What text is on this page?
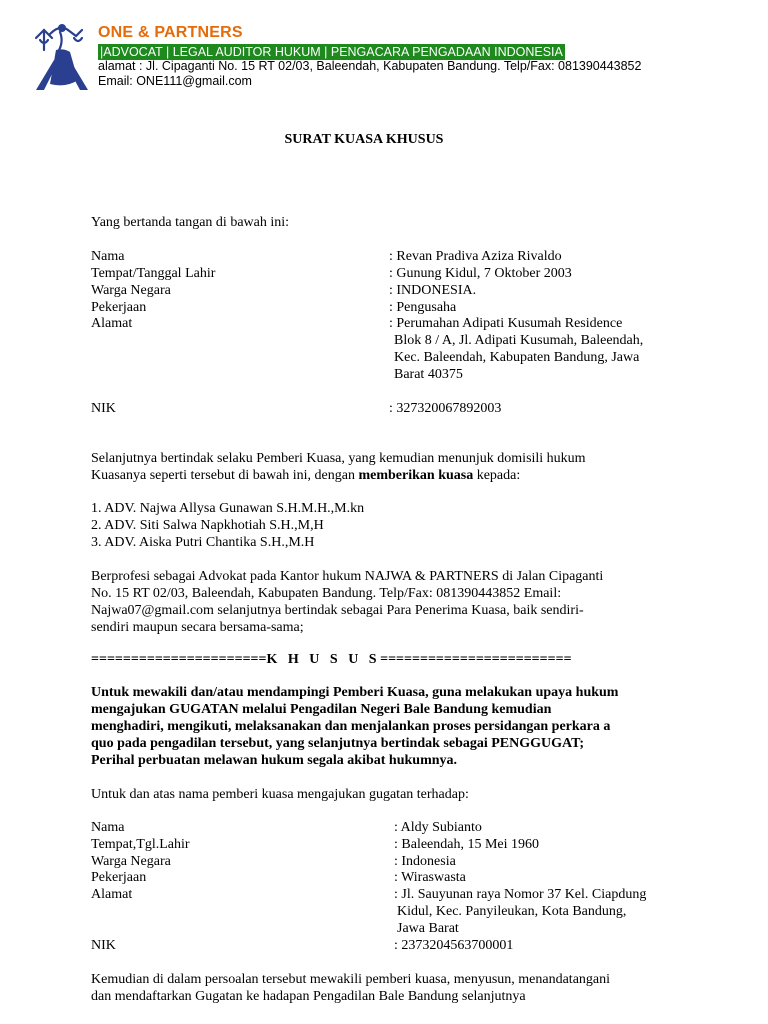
ONE & PARTNERS
|ADVOCAT | LEGAL AUDITOR HUKUM | PENGACARA PENGADAAN INDONESIA
alamat : Jl. Cipaganti No. 15 RT 02/03, Baleendah, Kabupaten Bandung. Telp/Fax: 081390443852
Email: ONE111@gmail.com
SURAT KUASA KHUSUS
Yang bertanda tangan di bawah ini:
Nama
Tempat/Tanggal Lahir
Warga Negara
Pekerjaan
Alamat
: Revan Pradiva Aziza Rivaldo
: Gunung Kidul, 7 Oktober 2003
: INDONESIA.
: Pengusaha
: Perumahan Adipati Kusumah Residence
Blok 8 / A, Jl. Adipati Kusumah, Baleendah,
Kec. Baleendah, Kabupaten Bandung, Jawa
Barat 40375
NIK	: 327320067892003
Selanjutnya bertindak selaku Pemberi Kuasa, yang kemudian menunjuk domisili hukum
Kuasanya seperti tersebut di bawah ini, dengan memberikan kuasa kepada:
1. ADV. Najwa Allysa Gunawan S.H.M.H.,M.kn
2. ADV. Siti Salwa Napkhotiah S.H.,M,H
3. ADV. Aiska Putri Chantika S.H.,M.H
Berprofesi sebagai Advokat pada Kantor hukum NAJWA & PARTNERS di Jalan Cipaganti
No. 15 RT 02/03, Baleendah, Kabupaten Bandung. Telp/Fax: 081390443852 Email:
Najwa07@gmail.com selanjutnya bertindak sebagai Para Penerima Kuasa, baik sendiri-
sendiri maupun secara bersama-sama;
======================K   H   U   S   U   S ========================
Untuk mewakili dan/atau mendampingi Pemberi Kuasa, guna melakukan upaya hukum
mengajukan GUGATAN melalui Pengadilan Negeri Bale Bandung kemudian
menghadiri, mengikuti, melaksanakan dan menjalankan proses persidangan perkara a
quo pada pengadilan tersebut, yang selanjutnya bertindak sebagai PENGGUGAT;
Perihal perbuatan melawan hukum segala akibat hukumnya.
Untuk dan atas nama pemberi kuasa mengajukan gugatan terhadap:
Nama
Tempat,Tgl.Lahir
Warga Negara
Pekerjaan
Alamat
: Aldy Subianto
: Baleendah, 15 Mei 1960
: Indonesia
: Wiraswasta
: Jl. Sauyunan raya Nomor 37 Kel. Ciapdung
Kidul, Kec. Panyileukan, Kota Bandung,
Jawa Barat
NIK	: 2373204563700001
Kemudian di dalam persoalan tersebut mewakili pemberi kuasa, menyusun, menandatangani
dan mendaftarkan Gugatan ke hadapan Pengadilan Bale Bandung selanjutnya
